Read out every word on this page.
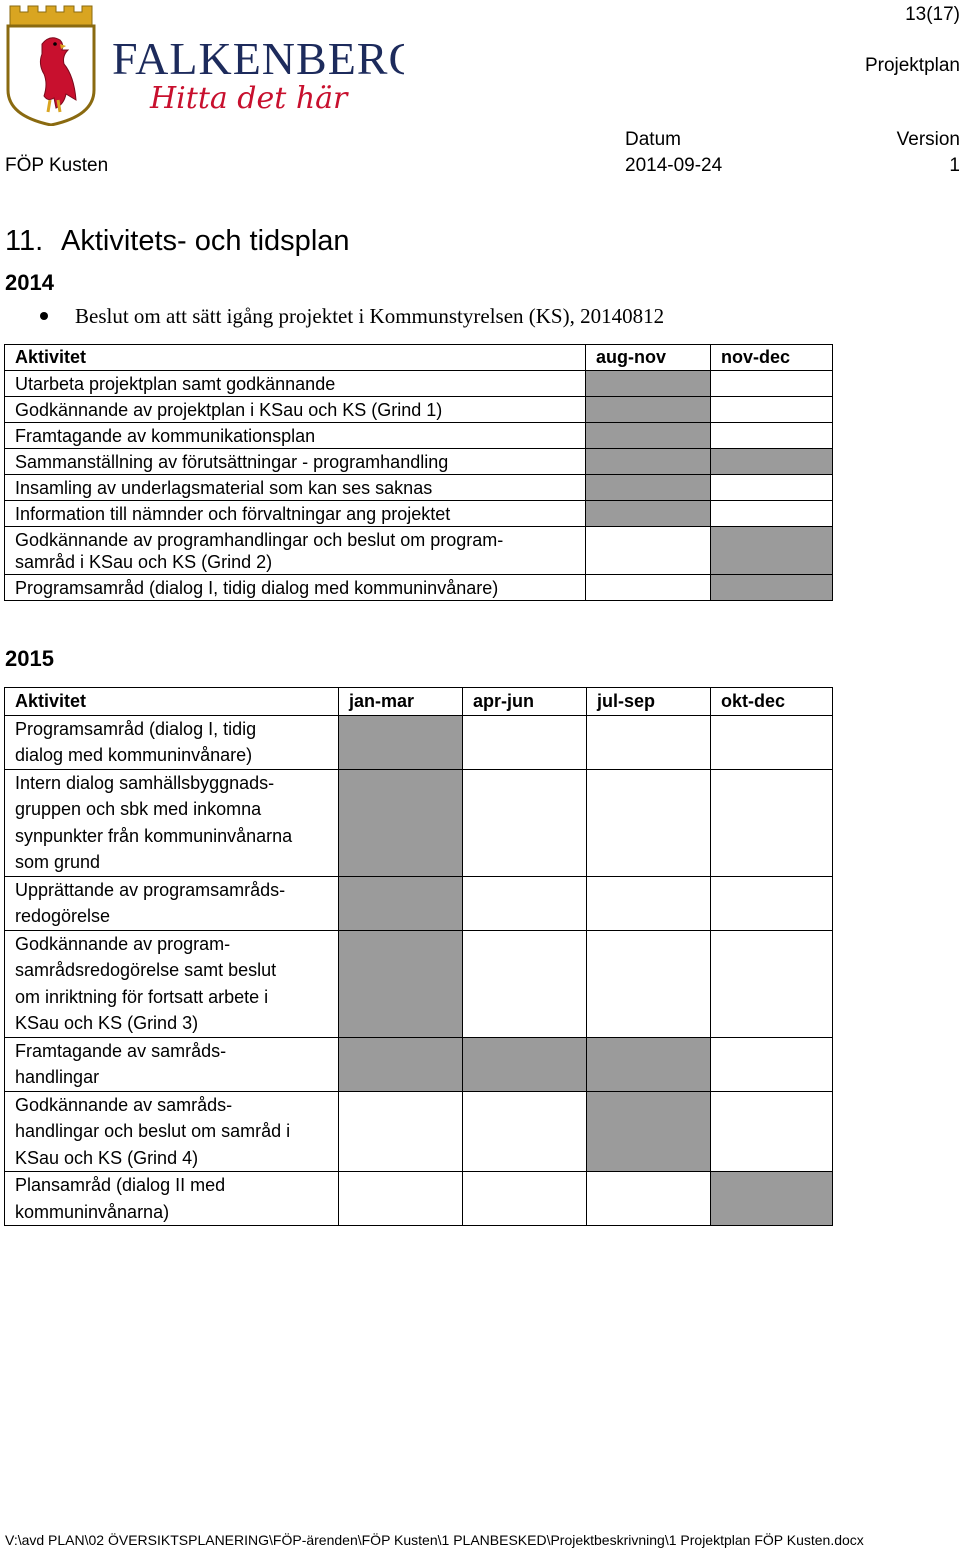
FALKENBERG
Hitta det här
13(17)
Projektplan
Datum	Version
FÖP Kusten	2014-09-24	1
11. Aktivitets- och tidsplan
2014
Beslut om att sätt igång projektet i Kommunstyrelsen (KS), 20140812
Aktivitet	aug-nov	nov-dec
Utarbeta projektplan samt godkännande		
Godkännande av projektplan i KSau och KS (Grind 1)		
Framtagande av kommunikationsplan		
Sammanställning av förutsättningar - programhandling		
Insamling av underlagsmaterial som kan ses saknas		
Information till nämnder och förvaltningar ang projektet		
Godkännande av programhandlingar och beslut om program-
samråd i KSau och KS (Grind 2)		
Programsamråd (dialog I, tidig dialog med kommuninvånare)		
2015
Aktivitet	jan-mar	apr-jun	jul-sep	okt-dec
Programsamråd (dialog I, tidig
dialog med kommuninvånare)				
Intern dialog samhällsbyggnads-
gruppen och sbk med inkomna
synpunkter från kommuninvånarna
som grund				
Upprättande av programsamråds-
redogörelse				
Godkännande av program-
samrådsredogörelse samt beslut
om inriktning för fortsatt arbete i
KSau och KS (Grind 3)				
Framtagande av samråds-
handlingar				
Godkännande av samråds-
handlingar och beslut om samråd i
KSau och KS (Grind 4)				
Plansamråd (dialog II med
kommuninvånarna)				
V:\avd PLAN\02 ÖVERSIKTSPLANERING\FÖP-ärenden\FÖP Kusten\1 PLANBESKED\Projektbeskrivning\1 Projektplan FÖP Kusten.docx
